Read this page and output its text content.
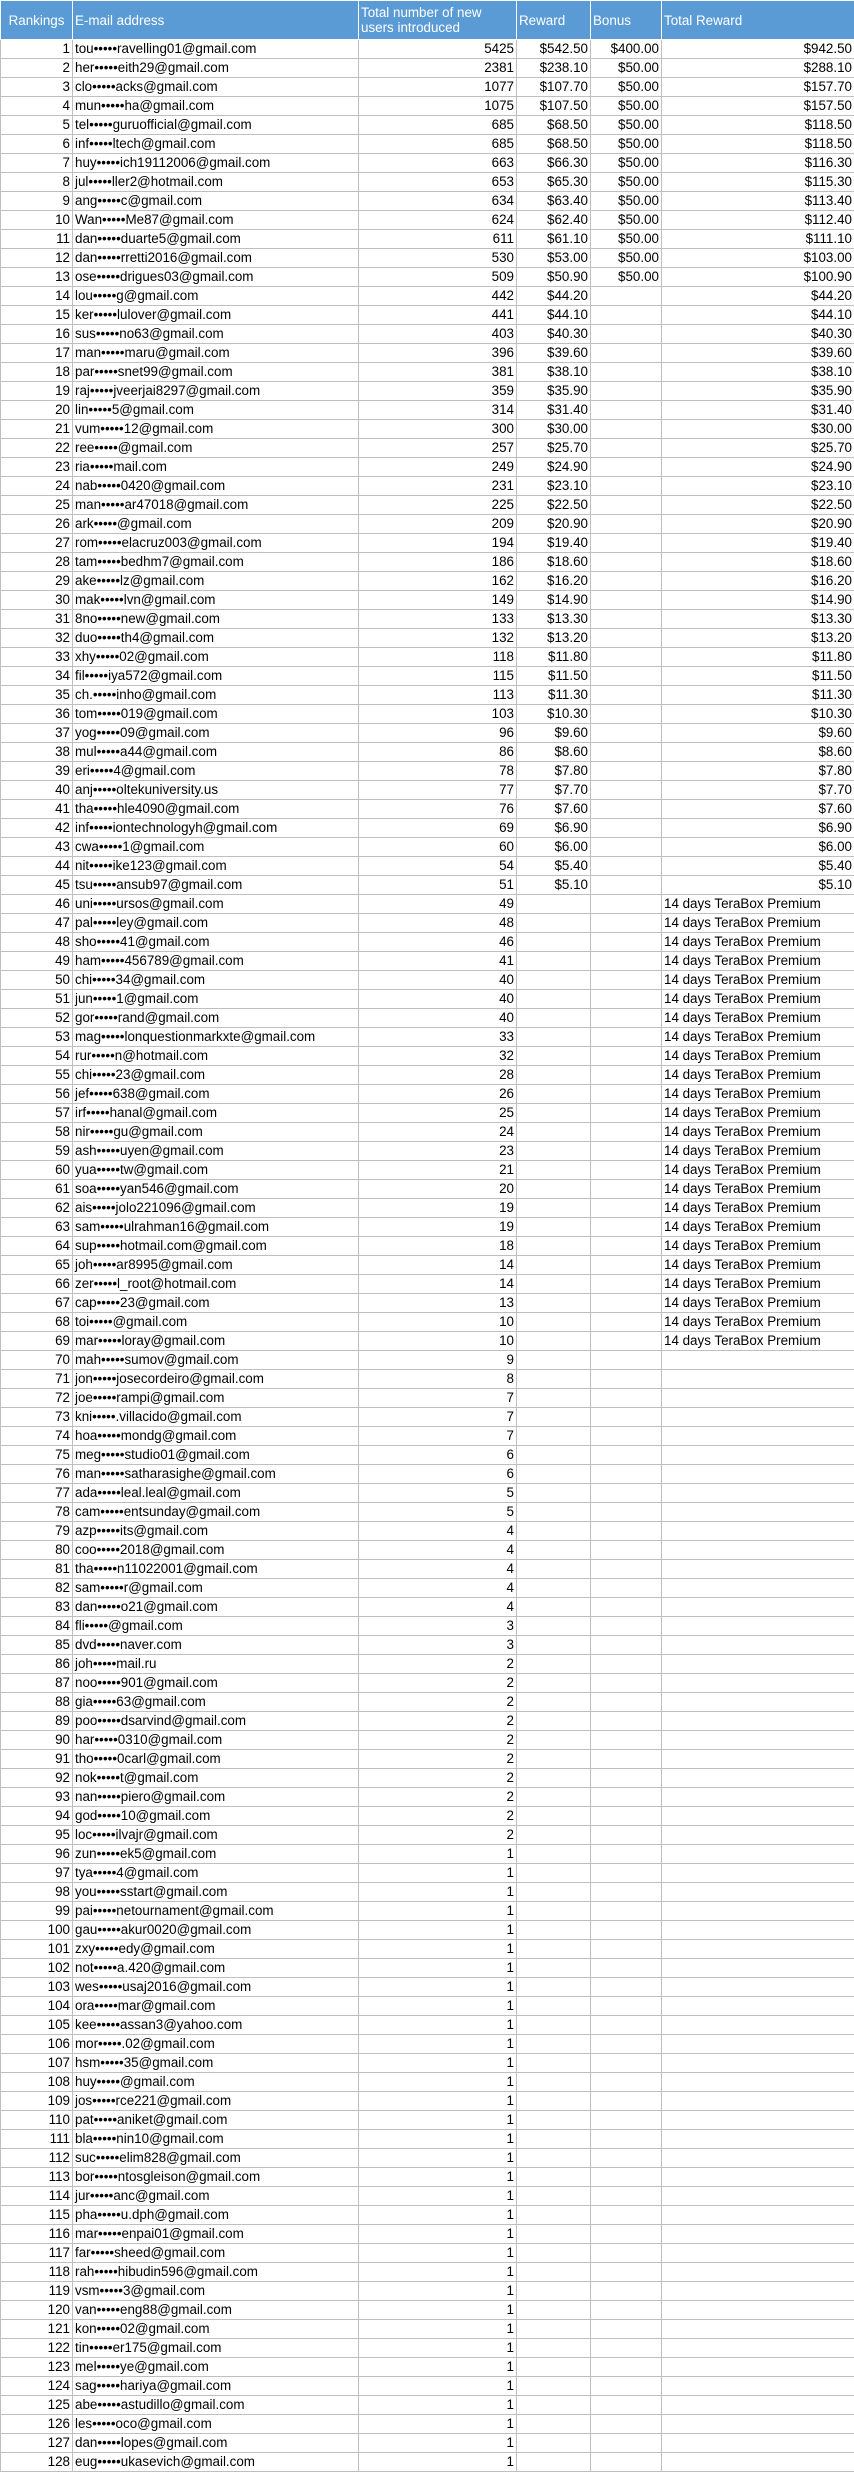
Rankings	E-mail address	Total number of new users introduced	Reward	Bonus	Total Reward
1	tou•••••ravelling01@gmail.com	5425	$542.50	$400.00	$942.50
2	her•••••eith29@gmail.com	2381	$238.10	$50.00	$288.10
3	clo•••••acks@gmail.com	1077	$107.70	$50.00	$157.70
4	mun•••••ha@gmail.com	1075	$107.50	$50.00	$157.50
5	tel•••••guruofficial@gmail.com	685	$68.50	$50.00	$118.50
6	inf•••••ltech@gmail.com	685	$68.50	$50.00	$118.50
7	huy•••••ich19112006@gmail.com	663	$66.30	$50.00	$116.30
8	jul•••••ller2@hotmail.com	653	$65.30	$50.00	$115.30
9	ang•••••c@gmail.com	634	$63.40	$50.00	$113.40
10	Wan•••••Me87@gmail.com	624	$62.40	$50.00	$112.40
11	dan•••••duarte5@gmail.com	611	$61.10	$50.00	$111.10
12	dan•••••rretti2016@gmail.com	530	$53.00	$50.00	$103.00
13	ose•••••drigues03@gmail.com	509	$50.90	$50.00	$100.90
14	lou•••••g@gmail.com	442	$44.20		$44.20
15	ker•••••lulover@gmail.com	441	$44.10		$44.10
16	sus•••••no63@gmail.com	403	$40.30		$40.30
17	man•••••maru@gmail.com	396	$39.60		$39.60
18	par•••••snet99@gmail.com	381	$38.10		$38.10
19	raj•••••jveerjai8297@gmail.com	359	$35.90		$35.90
20	lin•••••5@gmail.com	314	$31.40		$31.40
21	vum•••••12@gmail.com	300	$30.00		$30.00
22	ree•••••@gmail.com	257	$25.70		$25.70
23	ria•••••mail.com	249	$24.90		$24.90
24	nab•••••0420@gmail.com	231	$23.10		$23.10
25	man•••••ar47018@gmail.com	225	$22.50		$22.50
26	ark•••••@gmail.com	209	$20.90		$20.90
27	rom•••••elacruz003@gmail.com	194	$19.40		$19.40
28	tam•••••bedhm7@gmail.com	186	$18.60		$18.60
29	ake•••••lz@gmail.com	162	$16.20		$16.20
30	mak•••••lvn@gmail.com	149	$14.90		$14.90
31	8no•••••new@gmail.com	133	$13.30		$13.30
32	duo•••••th4@gmail.com	132	$13.20		$13.20
33	xhy•••••02@gmail.com	118	$11.80		$11.80
34	fil•••••iya572@gmail.com	115	$11.50		$11.50
35	ch.•••••inho@gmail.com	113	$11.30		$11.30
36	tom•••••019@gmail.com	103	$10.30		$10.30
37	yog•••••09@gmail.com	96	$9.60		$9.60
38	mul•••••a44@gmail.com	86	$8.60		$8.60
39	eri•••••4@gmail.com	78	$7.80		$7.80
40	anj•••••oltekuniversity.us	77	$7.70		$7.70
41	tha•••••hle4090@gmail.com	76	$7.60		$7.60
42	inf•••••iontechnologyh@gmail.com	69	$6.90		$6.90
43	cwa•••••1@gmail.com	60	$6.00		$6.00
44	nit•••••ike123@gmail.com	54	$5.40		$5.40
45	tsu•••••ansub97@gmail.com	51	$5.10		$5.10
46	uni•••••ursos@gmail.com	49			14 days TeraBox Premium
47	pal•••••ley@gmail.com	48			14 days TeraBox Premium
48	sho•••••41@gmail.com	46			14 days TeraBox Premium
49	ham•••••456789@gmail.com	41			14 days TeraBox Premium
50	chi•••••34@gmail.com	40			14 days TeraBox Premium
51	jun•••••1@gmail.com	40			14 days TeraBox Premium
52	gor•••••rand@gmail.com	40			14 days TeraBox Premium
53	mag•••••lonquestionmarkxte@gmail.com	33			14 days TeraBox Premium
54	rur•••••n@hotmail.com	32			14 days TeraBox Premium
55	chi•••••23@gmail.com	28			14 days TeraBox Premium
56	jef•••••638@gmail.com	26			14 days TeraBox Premium
57	irf•••••hanal@gmail.com	25			14 days TeraBox Premium
58	nir•••••gu@gmail.com	24			14 days TeraBox Premium
59	ash•••••uyen@gmail.com	23			14 days TeraBox Premium
60	yua•••••tw@gmail.com	21			14 days TeraBox Premium
61	soa•••••yan546@gmail.com	20			14 days TeraBox Premium
62	ais•••••jolo221096@gmail.com	19			14 days TeraBox Premium
63	sam•••••ulrahman16@gmail.com	19			14 days TeraBox Premium
64	sup•••••hotmail.com@gmail.com	18			14 days TeraBox Premium
65	joh•••••ar8995@gmail.com	14			14 days TeraBox Premium
66	zer•••••l_root@hotmail.com	14			14 days TeraBox Premium
67	cap•••••23@gmail.com	13			14 days TeraBox Premium
68	toi•••••@gmail.com	10			14 days TeraBox Premium
69	mar•••••loray@gmail.com	10			14 days TeraBox Premium
70	mah•••••sumov@gmail.com	9			
71	jon•••••josecordeiro@gmail.com	8			
72	joe•••••rampi@gmail.com	7			
73	kni•••••.villacido@gmail.com	7			
74	hoa•••••mondg@gmail.com	7			
75	meg•••••studio01@gmail.com	6			
76	man•••••satharasighe@gmail.com	6			
77	ada•••••leal.leal@gmail.com	5			
78	cam•••••entsunday@gmail.com	5			
79	azp•••••its@gmail.com	4			
80	coo•••••2018@gmail.com	4			
81	tha•••••n11022001@gmail.com	4			
82	sam•••••r@gmail.com	4			
83	dan•••••o21@gmail.com	4			
84	fli•••••@gmail.com	3			
85	dvd•••••naver.com	3			
86	joh•••••mail.ru	2			
87	noo•••••901@gmail.com	2			
88	gia•••••63@gmail.com	2			
89	poo•••••dsarvind@gmail.com	2			
90	har•••••0310@gmail.com	2			
91	tho•••••0carl@gmail.com	2			
92	nok•••••t@gmail.com	2			
93	nan•••••piero@gmail.com	2			
94	god•••••10@gmail.com	2			
95	loc•••••ilvajr@gmail.com	2			
96	zun•••••ek5@gmail.com	1			
97	tya•••••4@gmail.com	1			
98	you•••••sstart@gmail.com	1			
99	pai•••••netournament@gmail.com	1			
100	gau•••••akur0020@gmail.com	1			
101	zxy•••••edy@gmail.com	1			
102	not•••••a.420@gmail.com	1			
103	wes•••••usaj2016@gmail.com	1			
104	ora•••••mar@gmail.com	1			
105	kee•••••assan3@yahoo.com	1			
106	mor•••••.02@gmail.com	1			
107	hsm•••••35@gmail.com	1			
108	huy•••••@gmail.com	1			
109	jos•••••rce221@gmail.com	1			
110	pat•••••aniket@gmail.com	1			
111	bla•••••nin10@gmail.com	1			
112	suc•••••elim828@gmail.com	1			
113	bor•••••ntosgleison@gmail.com	1			
114	jur•••••anc@gmail.com	1			
115	pha•••••u.dph@gmail.com	1			
116	mar•••••enpai01@gmail.com	1			
117	far•••••sheed@gmail.com	1			
118	rah•••••hibudin596@gmail.com	1			
119	vsm•••••3@gmail.com	1			
120	van•••••eng88@gmail.com	1			
121	kon•••••02@gmail.com	1			
122	tin•••••er175@gmail.com	1			
123	mel•••••ye@gmail.com	1			
124	sag•••••hariya@gmail.com	1			
125	abe•••••astudillo@gmail.com	1			
126	les•••••oco@gmail.com	1			
127	dan•••••lopes@gmail.com	1			
128	eug•••••ukasevich@gmail.com	1			
